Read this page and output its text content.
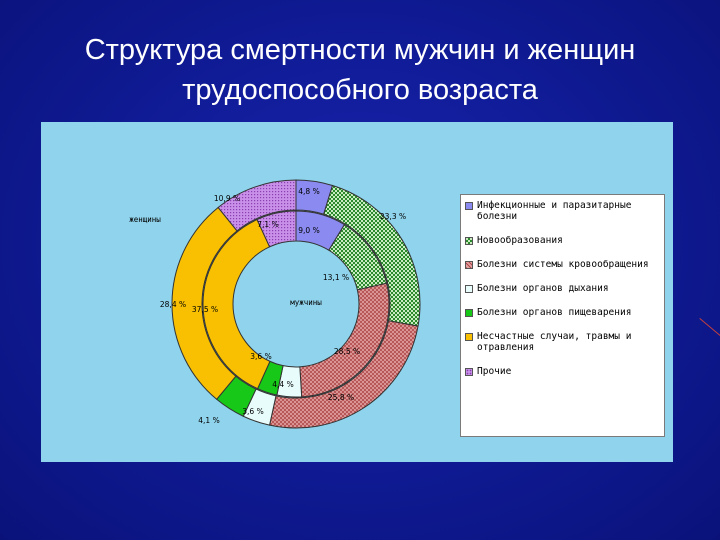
Структура смертности мужчин и женщин
трудоспособного возраста
4,8 %
23,3 %
25,8 %
3,6 %
4,1 %
28,4 %
10,9 %
9,0 %
13,1 %
28,5 %
4,4 %
3,6 %
37,5 %
7,1 %
женщины
мужчины
Инфекционные и паразитарные болезни
Новообразования
Болезни системы кровообращения
Болезни органов дыхания
Болезни органов пищеварения
Несчастные случаи, травмы и отравления
Прочие
